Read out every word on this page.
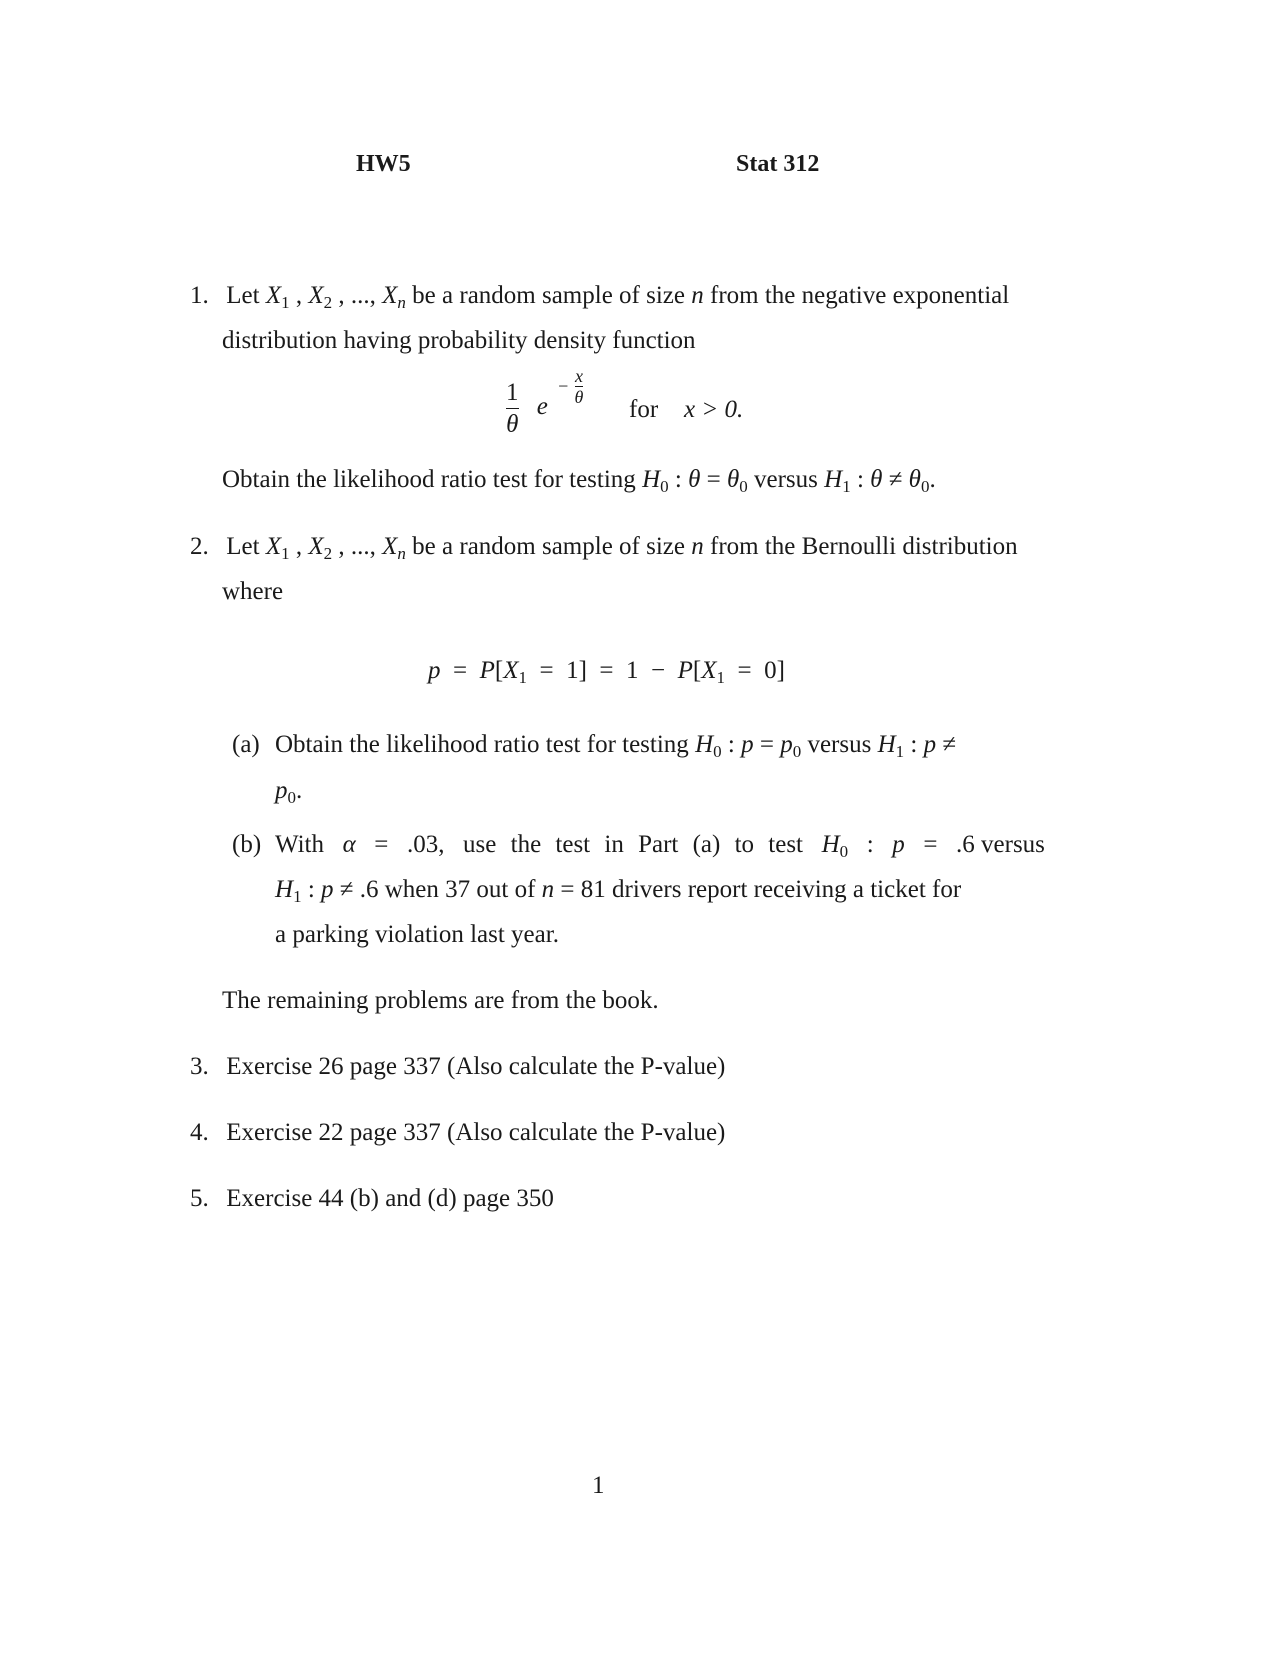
HW5	Stat 312
1. Let $X_1$ , $X_2$ , ..., $X_n$ be a random sample of size n from the negative exponential
distribution having probability density function
$\frac{1}{\theta}$ $e - \frac{x}{\theta}$
for x > 0.
Obtain the likelihood ratio test for testing $H_0$ : $\theta = \theta_0$ versus $H_1$ : $\theta \ne \theta_0$.
2. Let $X_1$ , $X_2$ , ..., $X_n$ be a random sample of size n from the Bernoulli distribution
where
$p = P[X_1 = 1] = 1 - P[X_1 = 0]$
(a) Obtain the likelihood ratio test for testing $H_0$ : $p = p_0$ versus $H_1$ : p ≠
$p_0$.
(b) With α = .03, use the test in Part (a) to test $H_0$ : p = .6 versus
$H_1$ : p ≠ .6 when 37 out of n = 81 drivers report receiving a ticket for
a parking violation last year.
The remaining problems are from the book.
3. Exercise 26 page 337 (Also calculate the P-value)
4. Exercise 22 page 337 (Also calculate the P-value)
5. Exercise 44 (b) and (d) page 350
1
